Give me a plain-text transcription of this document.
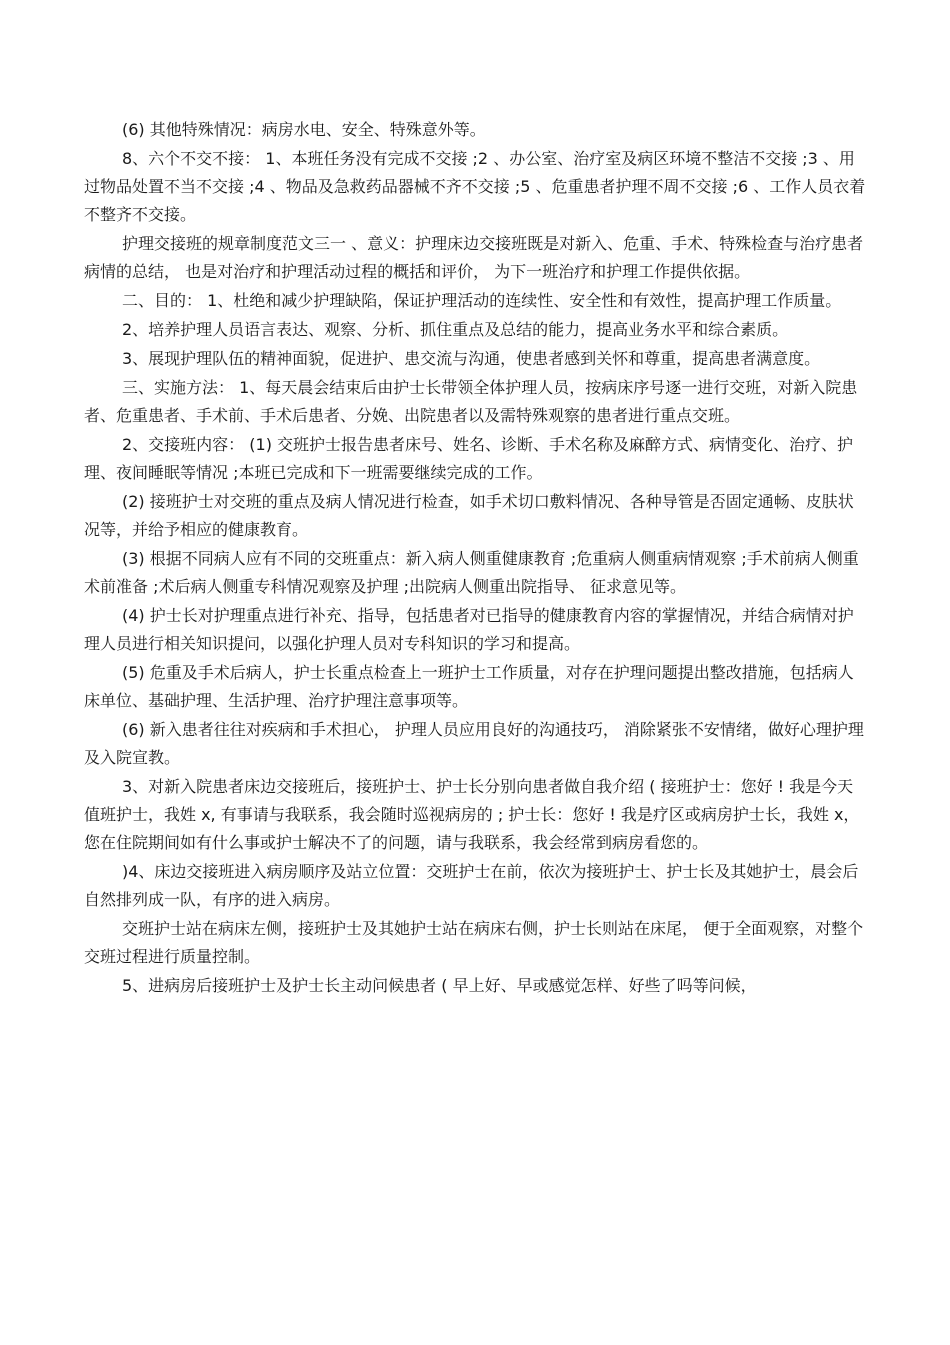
(6) 其他特殊情况：病房水电、安全、特殊意外等。

8、六个不交不接： 1、本班任务没有完成不交接 ;2 、办公室、治疗室及病区环境不整洁不交接 ;3 、用过物品处置不当不交接 ;4 、物品及急救药品器械不齐不交接 ;5 、危重患者护理不周不交接 ;6 、工作人员衣着不整齐不交接。

护理交接班的规章制度范文三一 、意义：护理床边交接班既是对新入、危重、手术、特殊检查与治疗患者病情的总结， 也是对治疗和护理活动过程的概括和评价， 为下一班治疗和护理工作提供依据。

二、目的： 1、杜绝和减少护理缺陷，保证护理活动的连续性、安全性和有效性，提高护理工作质量。

2、培养护理人员语言表达、观察、分析、抓住重点及总结的能力，提高业务水平和综合素质。

3、展现护理队伍的精神面貌，促进护、患交流与沟通，使患者感到关怀和尊重，提高患者满意度。

三、实施方法： 1、每天晨会结束后由护士长带领全体护理人员，按病床序号逐一进行交班，对新入院患者、危重患者、手术前、手术后患者、分娩、出院患者以及需特殊观察的患者进行重点交班。

2、交接班内容： (1) 交班护士报告患者床号、姓名、诊断、手术名称及麻醉方式、病情变化、治疗、护理、夜间睡眠等情况 ;本班已完成和下一班需要继续完成的工作。

(2) 接班护士对交班的重点及病人情况进行检查，如手术切口敷料情况、各种导管是否固定通畅、皮肤状况等，并给予相应的健康教育。

(3) 根据不同病人应有不同的交班重点：新入病人侧重健康教育 ;危重病人侧重病情观察 ;手术前病人侧重术前准备 ;术后病人侧重专科情况观察及护理 ;出院病人侧重出院指导、 征求意见等。

(4) 护士长对护理重点进行补充、指导，包括患者对已指导的健康教育内容的掌握情况，并结合病情对护理人员进行相关知识提问，以强化护理人员对专科知识的学习和提高。

(5) 危重及手术后病人，护士长重点检查上一班护士工作质量，对存在护理问题提出整改措施，包括病人床单位、基础护理、生活护理、治疗护理注意事项等。

(6) 新入患者往往对疾病和手术担心， 护理人员应用良好的沟通技巧， 消除紧张不安情绪，做好心理护理及入院宣教。

3、对新入院患者床边交接班后，接班护士、护士长分别向患者做自我介绍 ( 接班护士：您好 ! 我是今天值班护士，我姓 x, 有事请与我联系，我会随时巡视病房的 ; 护士长：您好 ! 我是疗区或病房护士长，我姓 x，您在住院期间如有什么事或护士解决不了的问题，请与我联系，我会经常到病房看您的。

)4、床边交接班进入病房顺序及站立位置：交班护士在前，依次为接班护士、护士长及其她护士，晨会后自然排列成一队，有序的进入病房。

交班护士站在病床左侧，接班护士及其她护士站在病床右侧，护士长则站在床尾， 便于全面观察，对整个交班过程进行质量控制。

5、进病房后接班护士及护士长主动问候患者 ( 早上好、早或感觉怎样、好些了吗等问候，
